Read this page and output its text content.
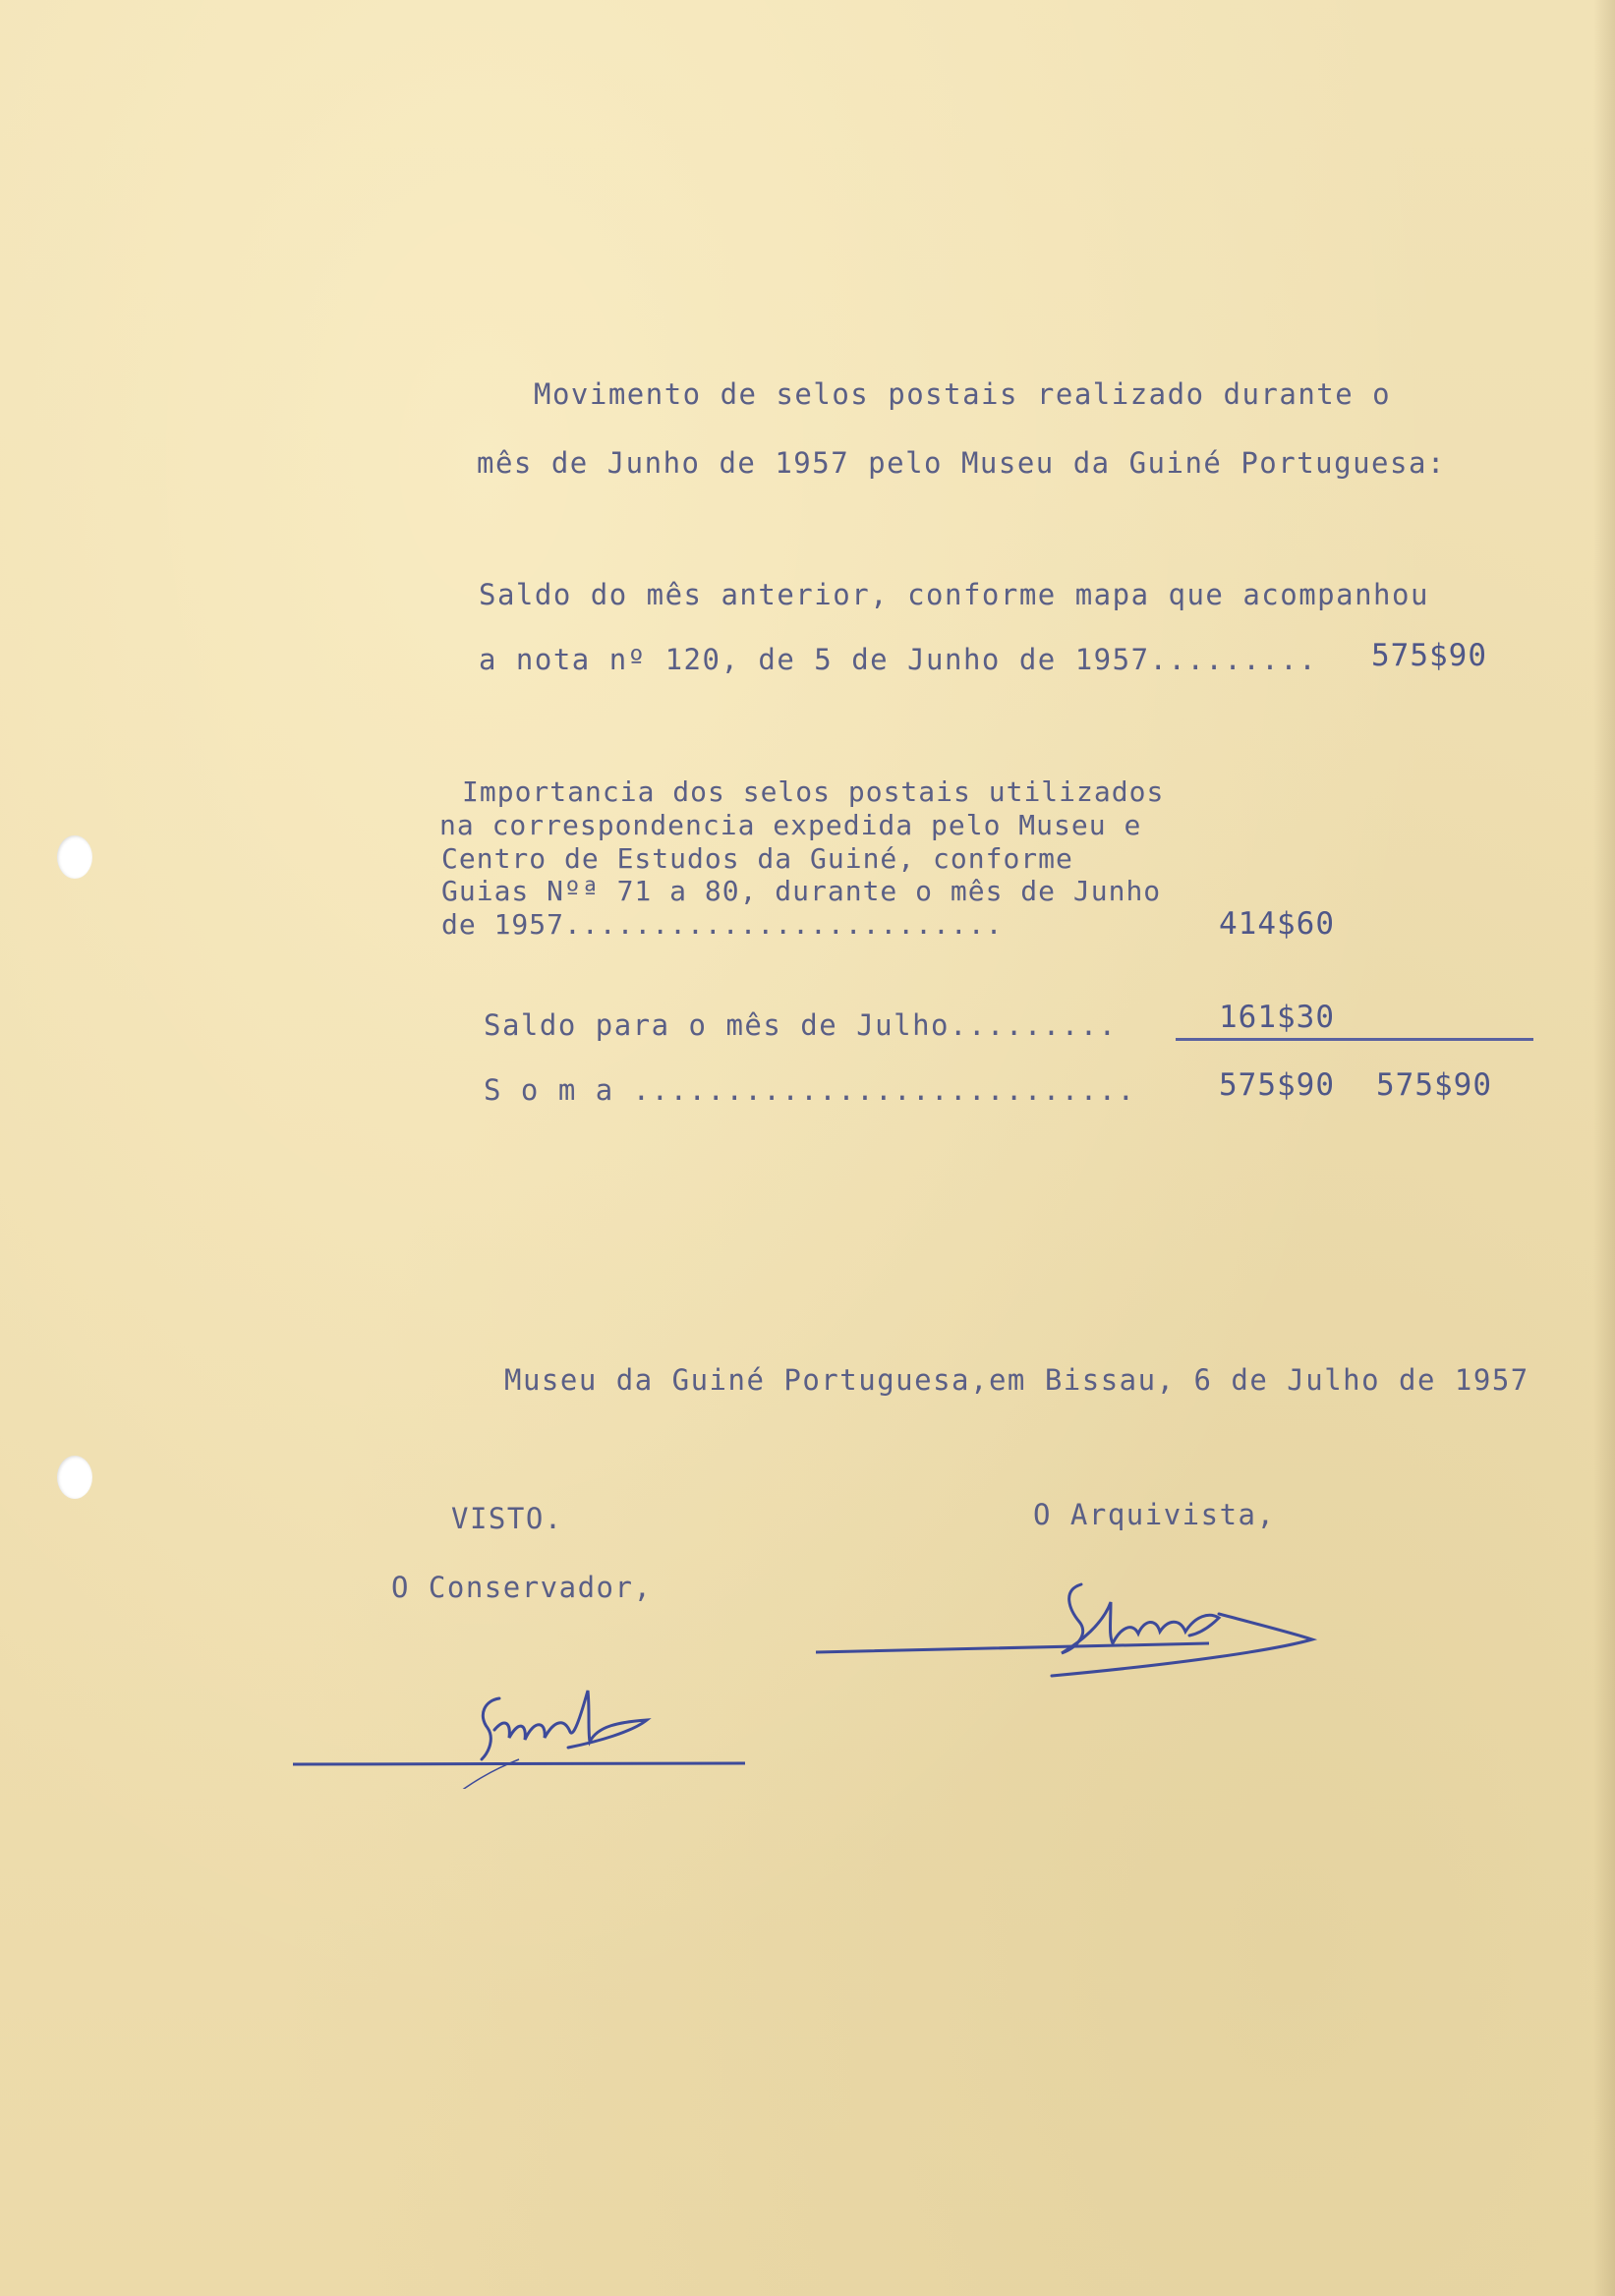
Movimento de selos postais realizado durante o
mês de Junho de 1957 pelo Museu da Guiné Portuguesa:
Saldo do mês anterior, conforme mapa que acompanhou
a nota nº 120, de 5 de Junho de 1957......... 575$90
Importancia dos selos postais utilizados
na correspondencia expedida pelo Museu e
Centro de Estudos da Guiné, conforme
Guias Nºª 71 a 80, durante o mês de Junho
de 1957.........................	414$60
Saldo para o mês de Julho.........	161$30
S o m a ...........................	575$90 575$90
Museu da Guiné Portuguesa,em Bissau, 6 de Julho de 1957
VISTO.
O Conservador,
O Arquivista,
